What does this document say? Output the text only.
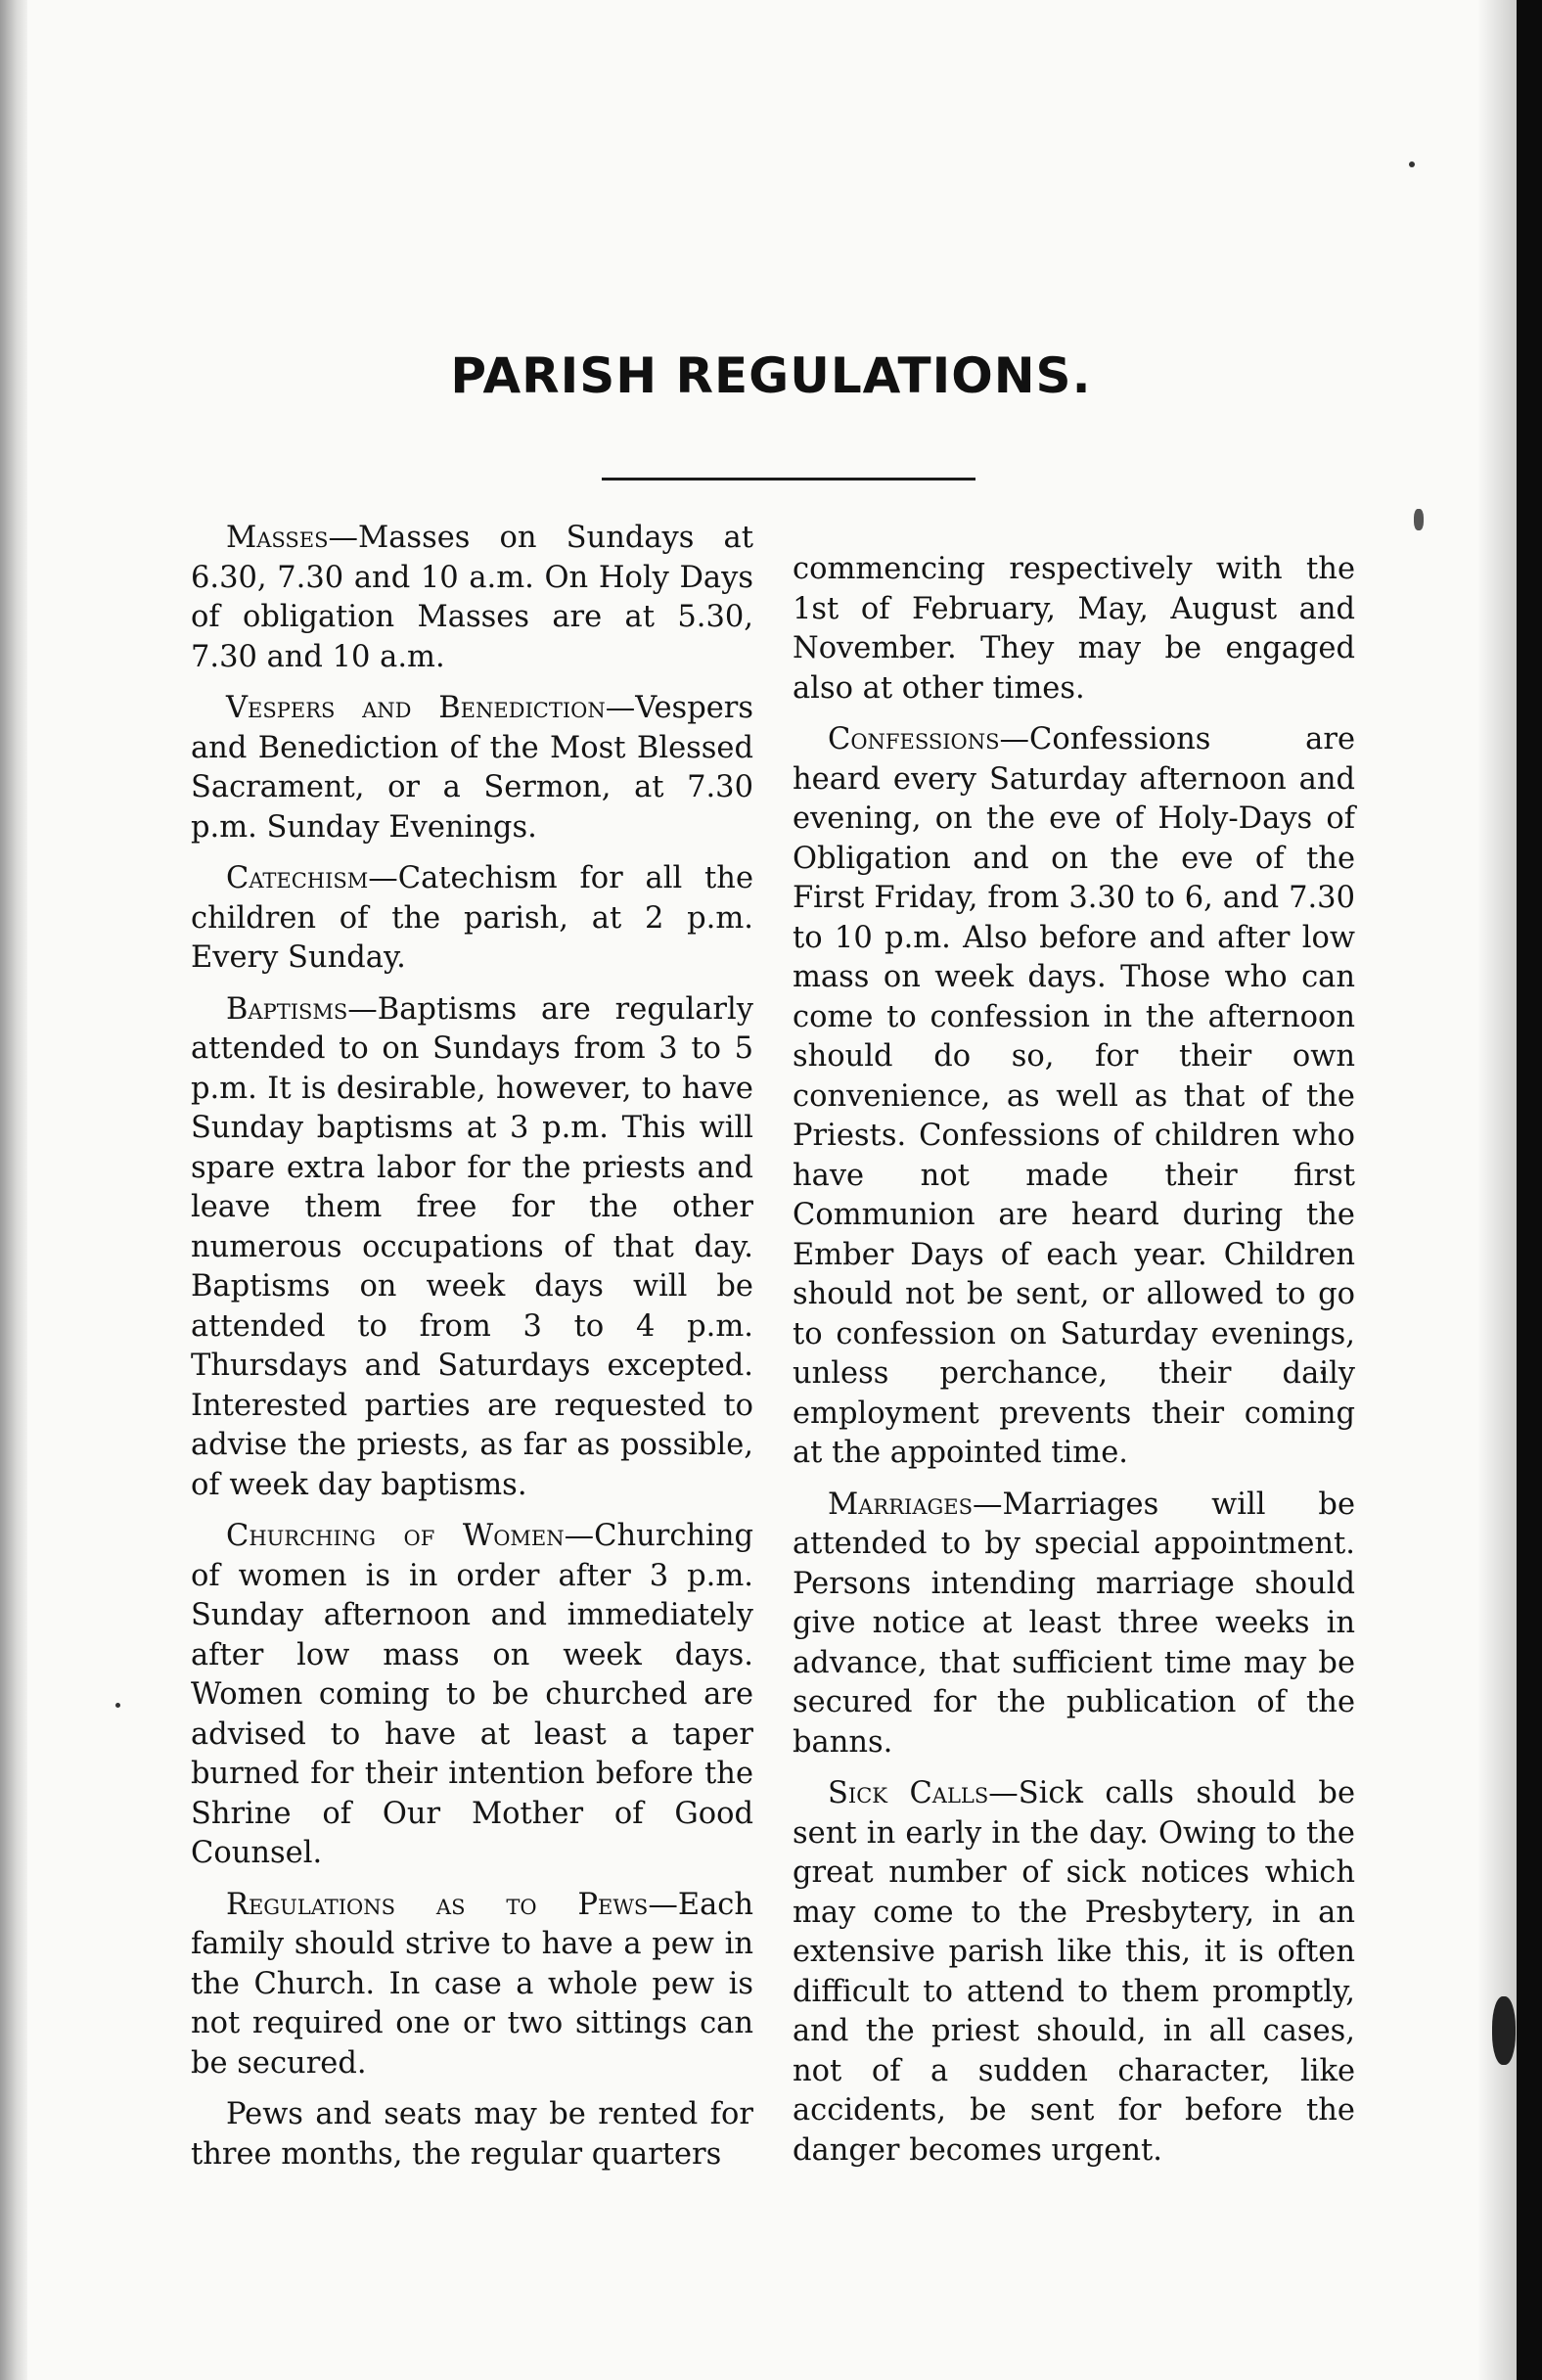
PARISH REGULATIONS.

Masses—Masses on Sundays at 6.30, 7.30 and 10 a.m. On Holy Days of obligation Masses are at 5.30, 7.30 and 10 a.m.

Vespers and Benediction—Vespers and Benediction of the Most Blessed Sacrament, or a Sermon, at 7.30 p.m. Sunday Evenings.

Catechism—Catechism for all the children of the parish, at 2 p.m. Every Sunday.

Baptisms—Baptisms are regularly attended to on Sundays from 3 to 5 p.m. It is desirable, however, to have Sunday baptisms at 3 p.m. This will spare extra labor for the priests and leave them free for the other numerous occupations of that day. Baptisms on week days will be attended to from 3 to 4 p.m. Thursdays and Saturdays excepted. Interested parties are requested to advise the priests, as far as possible, of week day baptisms.

Churching of Women—Churching of women is in order after 3 p.m. Sunday afternoon and immediately after low mass on week days. Women coming to be churched are advised to have at least a taper burned for their intention before the Shrine of Our Mother of Good Counsel.

Regulations as to Pews—Each family should strive to have a pew in the Church. In case a whole pew is not required one or two sittings can be secured.

Pews and seats may be rented for three months, the regular quarters

commencing respectively with the 1st of February, May, August and November. They may be engaged also at other times.

Confessions—Confessions are heard every Saturday afternoon and evening, on the eve of Holy-Days of Obligation and on the eve of the First Friday, from 3.30 to 6, and 7.30 to 10 p.m. Also before and after low mass on week days. Those who can come to confession in the afternoon should do so, for their own convenience, as well as that of the Priests. Confessions of children who have not made their first Communion are heard during the Ember Days of each year. Children should not be sent, or allowed to go to confession on Saturday evenings, unless perchance, their daily employment prevents their coming at the appointed time.

Marriages—Marriages will be attended to by special appointment. Persons intending marriage should give notice at least three weeks in advance, that sufficient time may be secured for the publication of the banns.

Sick Calls—Sick calls should be sent in early in the day. Owing to the great number of sick notices which may come to the Presbytery, in an extensive parish like this, it is often difficult to attend to them promptly, and the priest should, in all cases, not of a sudden character, like accidents, be sent for before the danger becomes urgent.
